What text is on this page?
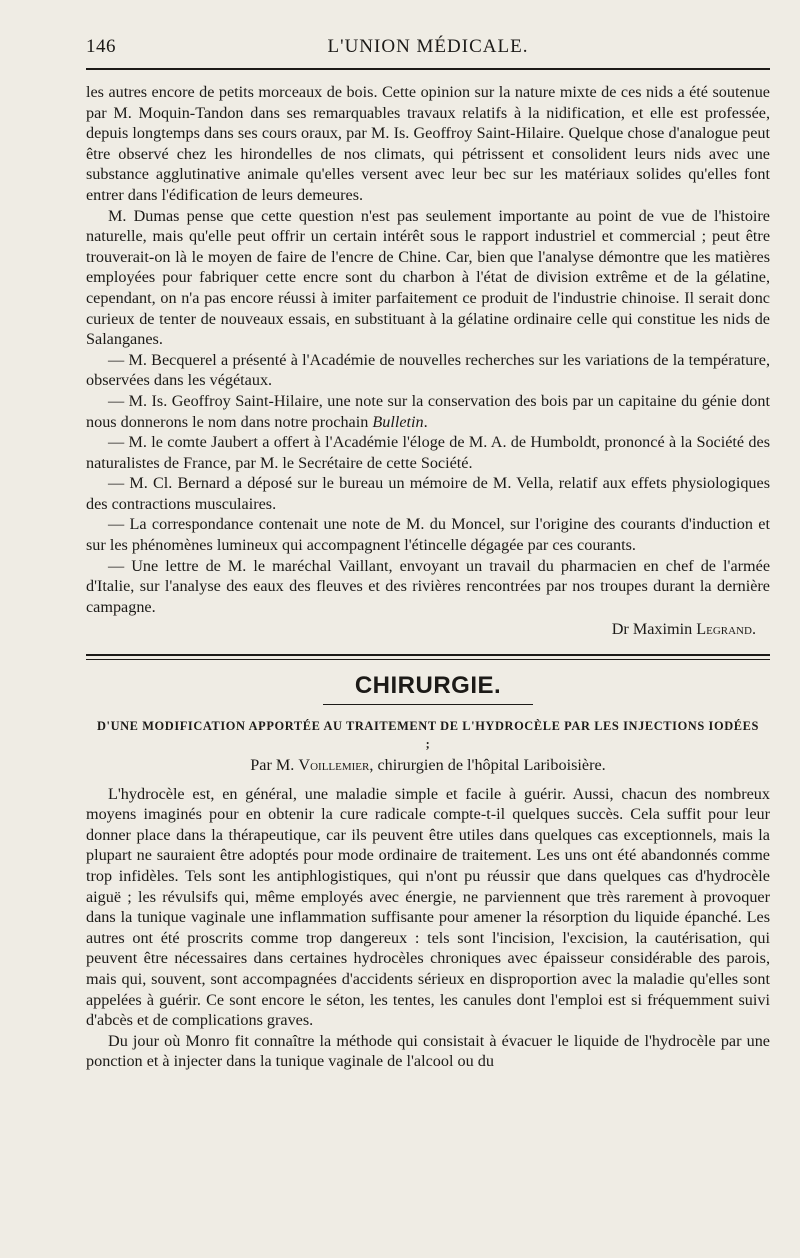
146	L'UNION MÉDICALE.

les autres encore de petits morceaux de bois. Cette opinion sur la nature mixte de ces nids a été soutenue par M. Moquin-Tandon dans ses remarquables travaux relatifs à la nidification, et elle est professée, depuis longtemps dans ses cours oraux, par M. Is. Geoffroy Saint-Hilaire. Quelque chose d'analogue peut être observé chez les hirondelles de nos climats, qui pétrissent et consolident leurs nids avec une substance agglutinative animale qu'elles versent avec leur bec sur les matériaux solides qu'elles font entrer dans l'édification de leurs demeures.

M. Dumas pense que cette question n'est pas seulement importante au point de vue de l'histoire naturelle, mais qu'elle peut offrir un certain intérêt sous le rapport industriel et commercial ; peut être trouverait-on là le moyen de faire de l'encre de Chine. Car, bien que l'analyse démontre que les matières employées pour fabriquer cette encre sont du charbon à l'état de division extrême et de la gélatine, cependant, on n'a pas encore réussi à imiter parfaitement ce produit de l'industrie chinoise. Il serait donc curieux de tenter de nouveaux essais, en substituant à la gélatine ordinaire celle qui constitue les nids de Salanganes.

— M. Becquerel a présenté à l'Académie de nouvelles recherches sur les variations de la température, observées dans les végétaux.

— M. Is. Geoffroy Saint-Hilaire, une note sur la conservation des bois par un capitaine du génie dont nous donnerons le nom dans notre prochain Bulletin.

— M. le comte Jaubert a offert à l'Académie l'éloge de M. A. de Humboldt, prononcé à la Société des naturalistes de France, par M. le Secrétaire de cette Société.

— M. Cl. Bernard a déposé sur le bureau un mémoire de M. Vella, relatif aux effets physiologiques des contractions musculaires.

— La correspondance contenait une note de M. du Moncel, sur l'origine des courants d'induction et sur les phénomènes lumineux qui accompagnent l'étincelle dégagée par ces courants.

— Une lettre de M. le maréchal Vaillant, envoyant un travail du pharmacien en chef de l'armée d'Italie, sur l'analyse des eaux des fleuves et des rivières rencontrées par nos troupes durant la dernière campagne.

Dr Maximin Legrand.
CHIRURGIE.
D'UNE MODIFICATION APPORTÉE AU TRAITEMENT DE L'HYDROCÈLE PAR LES INJECTIONS IODÉES ;
Par M. Voillemier, chirurgien de l'hôpital Lariboisière.

L'hydrocèle est, en général, une maladie simple et facile à guérir. Aussi, chacun des nombreux moyens imaginés pour en obtenir la cure radicale compte-t-il quelques succès. Cela suffit pour leur donner place dans la thérapeutique, car ils peuvent être utiles dans quelques cas exceptionnels, mais la plupart ne sauraient être adoptés pour mode ordinaire de traitement. Les uns ont été abandonnés comme trop infidèles. Tels sont les antiphlogistiques, qui n'ont pu réussir que dans quelques cas d'hydrocèle aiguë ; les révulsifs qui, même employés avec énergie, ne parviennent que très rarement à provoquer dans la tunique vaginale une inflammation suffisante pour amener la résorption du liquide épanché. Les autres ont été proscrits comme trop dangereux : tels sont l'incision, l'excision, la cautérisation, qui peuvent être nécessaires dans certaines hydrocèles chroniques avec épaisseur considérable des parois, mais qui, souvent, sont accompagnées d'accidents sérieux en disproportion avec la maladie qu'elles sont appelées à guérir. Ce sont encore le séton, les tentes, les canules dont l'emploi est si fréquemment suivi d'abcès et de complications graves.

Du jour où Monro fit connaître la méthode qui consistait à évacuer le liquide de l'hydrocèle par une ponction et à injecter dans la tunique vaginale de l'alcool ou du
